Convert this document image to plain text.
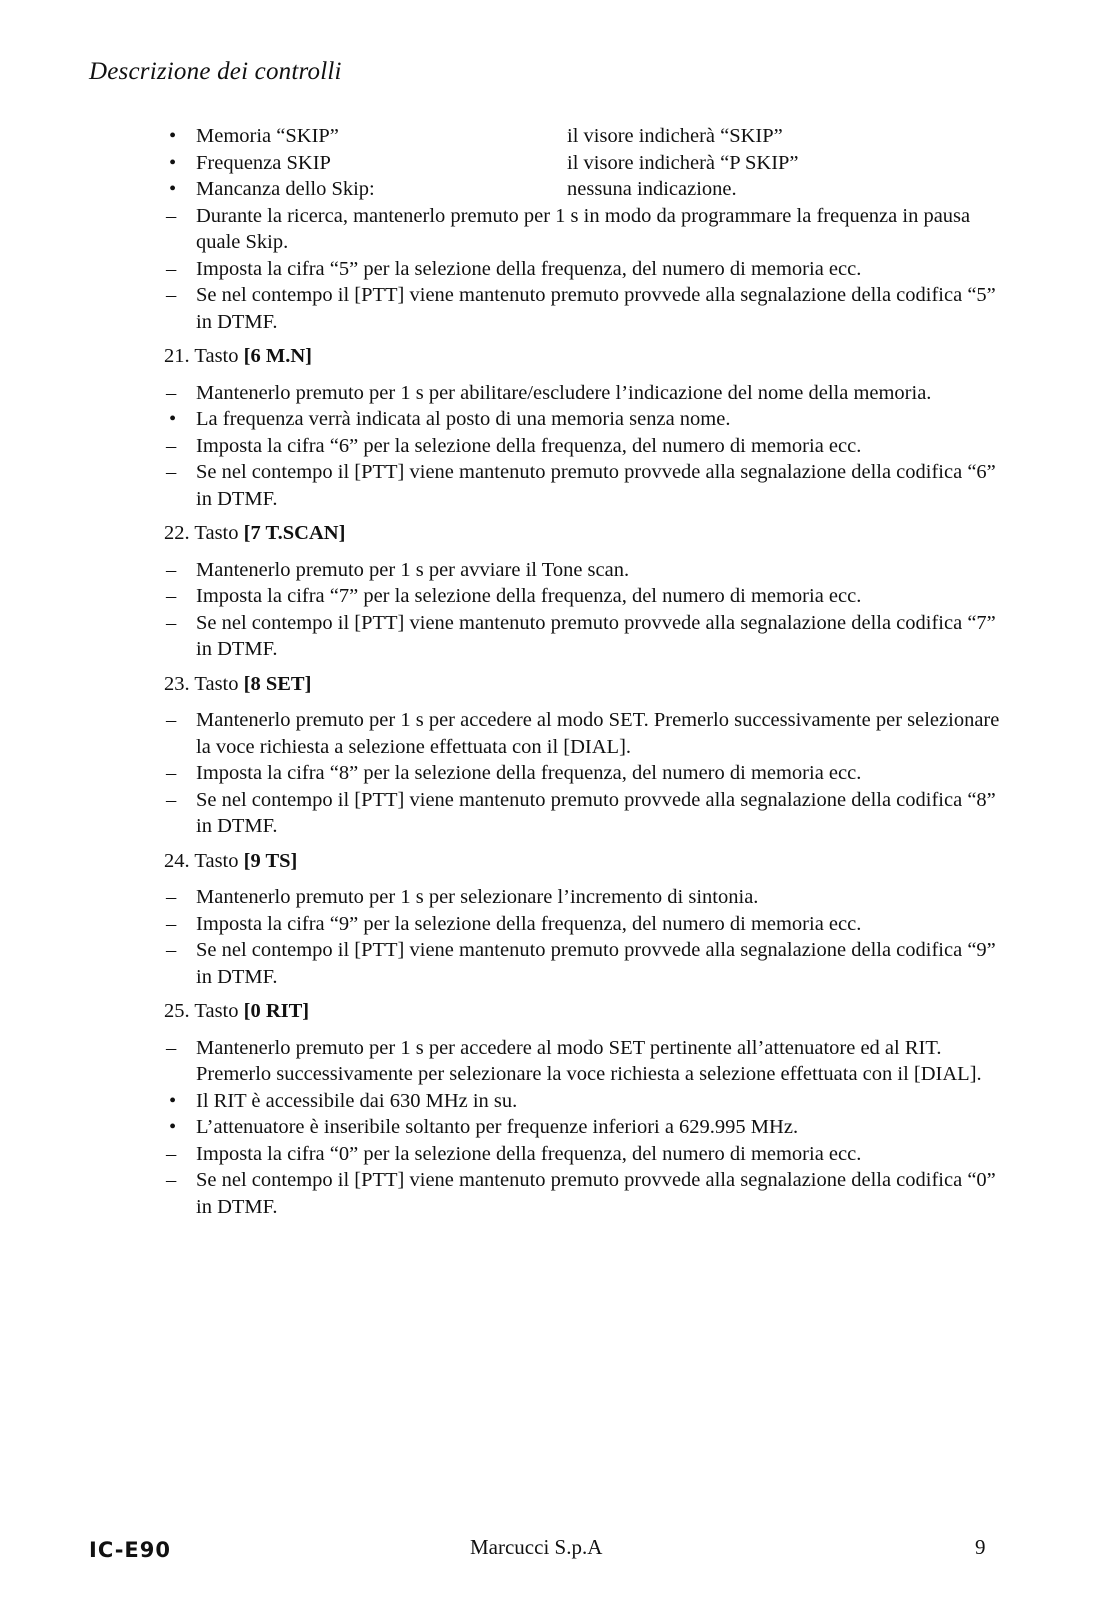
Descrizione dei controlli
• Memoria “SKIP”	il visore indicherà “SKIP”
• Frequenza SKIP	il visore indicherà “P SKIP”
• Mancanza dello Skip:	nessuna indicazione.
– Durante la ricerca, mantenerlo premuto per 1 s in modo da programmare la frequenza in pausa quale Skip.
– Imposta la cifra “5” per la selezione della frequenza, del numero di memoria ecc.
– Se nel contempo il [PTT] viene mantenuto premuto provvede alla segnalazione della codifica “5” in DTMF.
21. Tasto [6 M.N]
– Mantenerlo premuto per 1 s per abilitare/escludere l’indicazione del nome della memoria.
• La frequenza verrà indicata al posto di una memoria senza nome.
– Imposta la cifra “6” per la selezione della frequenza, del numero di memoria ecc.
– Se nel contempo il [PTT] viene mantenuto premuto provvede alla segnalazione della codifica “6” in DTMF.
22. Tasto [7 T.SCAN]
– Mantenerlo premuto per 1 s per avviare il Tone scan.
– Imposta la cifra “7” per la selezione della frequenza, del numero di memoria ecc.
– Se nel contempo il [PTT] viene mantenuto premuto provvede alla segnalazione della codifica “7” in DTMF.
23. Tasto [8 SET]
– Mantenerlo premuto per 1 s per accedere al modo SET. Premerlo successivamente per selezionare la voce richiesta a selezione effettuata con il [DIAL].
– Imposta la cifra “8” per la selezione della frequenza, del numero di memoria ecc.
– Se nel contempo il [PTT] viene mantenuto premuto provvede alla segnalazione della codifica “8” in DTMF.
24. Tasto [9 TS]
– Mantenerlo premuto per 1 s per selezionare l’incremento di sintonia.
– Imposta la cifra “9” per la selezione della frequenza, del numero di memoria ecc.
– Se nel contempo il [PTT] viene mantenuto premuto provvede alla segnalazione della codifica “9” in DTMF.
25. Tasto [0 RIT]
– Mantenerlo premuto per 1 s per accedere al modo SET pertinente all’attenuatore ed al RIT. Premerlo successivamente per selezionare la voce richiesta a selezione effettuata con il [DIAL].
• Il RIT è accessibile dai 630 MHz in su.
• L’attenuatore è inseribile soltanto per frequenze inferiori a 629.995 MHz.
– Imposta la cifra “0” per la selezione della frequenza, del numero di memoria ecc.
– Se nel contempo il [PTT] viene mantenuto premuto provvede alla segnalazione della codifica “0” in DTMF.
IC-E90	Marcucci S.p.A	9
